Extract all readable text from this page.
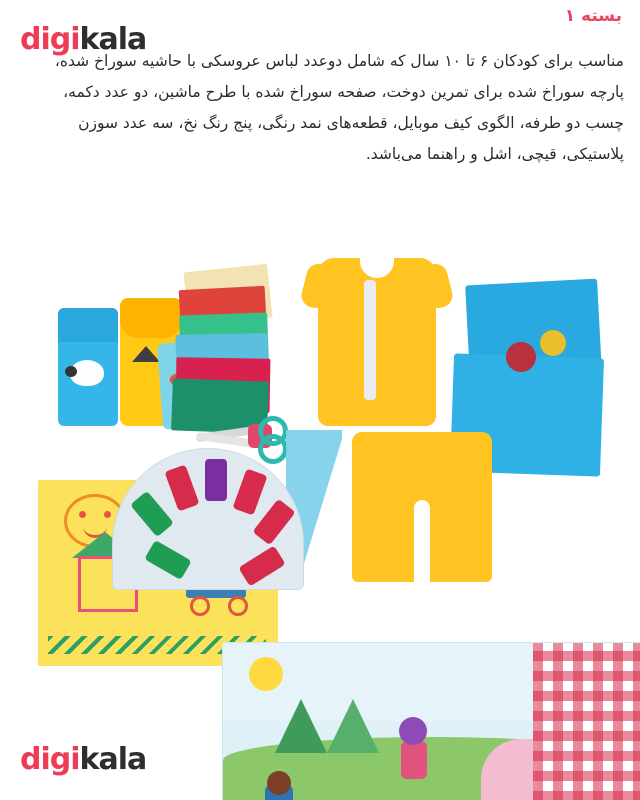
digikala
بسته ۱
مناسب برای کودکان ۶ تا ۱۰ سال که شامل دوعدد لباس عروسکی با حاشیه سوراخ شده، پارچه سوراخ شده برای تمرین دوخت، صفحه سوراخ شده با طرح ماشین، دو عدد دکمه، چسب دو طرفه، الگوی کیف موبایل، قطعه‌های نمد رنگی، پنج رنگ نخ، سه عدد سوزن پلاستیکی، قیچی، اشل و راهنما می‌باشد.
digikala
